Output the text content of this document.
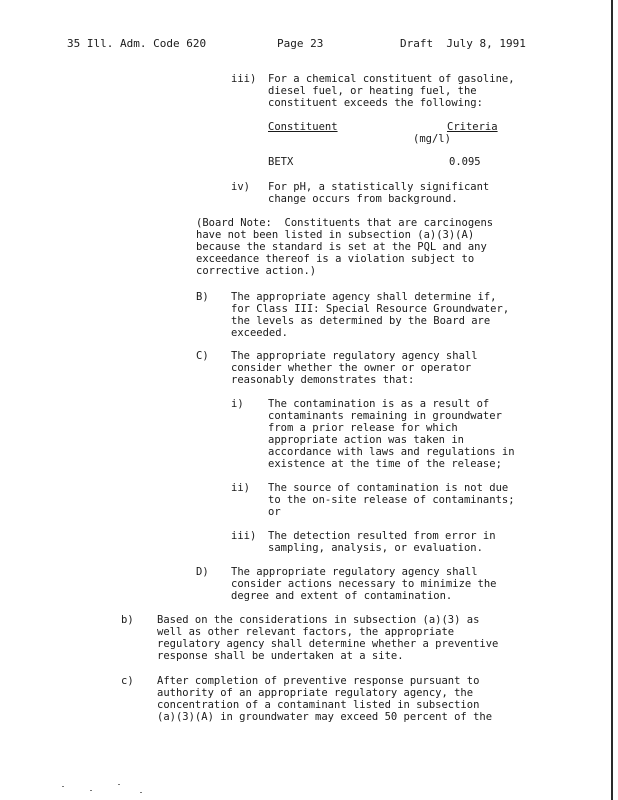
35 Ill. Adm. Code 620	Page 23	Draft  July 8, 1991
iii) For a chemical constituent of gasoline,
diesel fuel, or heating fuel, the
constituent exceeds the following:
Constituent	Criteria
(mg/l)
BETX	0.095
iv) For pH, a statistically significant
change occurs from background.
(Board Note:  Constituents that are carcinogens
have not been listed in subsection (a)(3)(A)
because the standard is set at the PQL and any
exceedance thereof is a violation subject to
corrective action.)
B) The appropriate agency shall determine if,
for Class III: Special Resource Groundwater,
the levels as determined by the Board are
exceeded.
C) The appropriate regulatory agency shall
consider whether the owner or operator
reasonably demonstrates that:
i) The contamination is as a result of
contaminants remaining in groundwater
from a prior release for which
appropriate action was taken in
accordance with laws and regulations in
existence at the time of the release;
ii) The source of contamination is not due
to the on-site release of contaminants;
or
iii) The detection resulted from error in
sampling, analysis, or evaluation.
D) The appropriate regulatory agency shall
consider actions necessary to minimize the
degree and extent of contamination.
b) Based on the considerations in subsection (a)(3) as
well as other relevant factors, the appropriate
regulatory agency shall determine whether a preventive
response shall be undertaken at a site.
c) After completion of preventive response pursuant to
authority of an appropriate regulatory agency, the
concentration of a contaminant listed in subsection
(a)(3)(A) in groundwater may exceed 50 percent of the
